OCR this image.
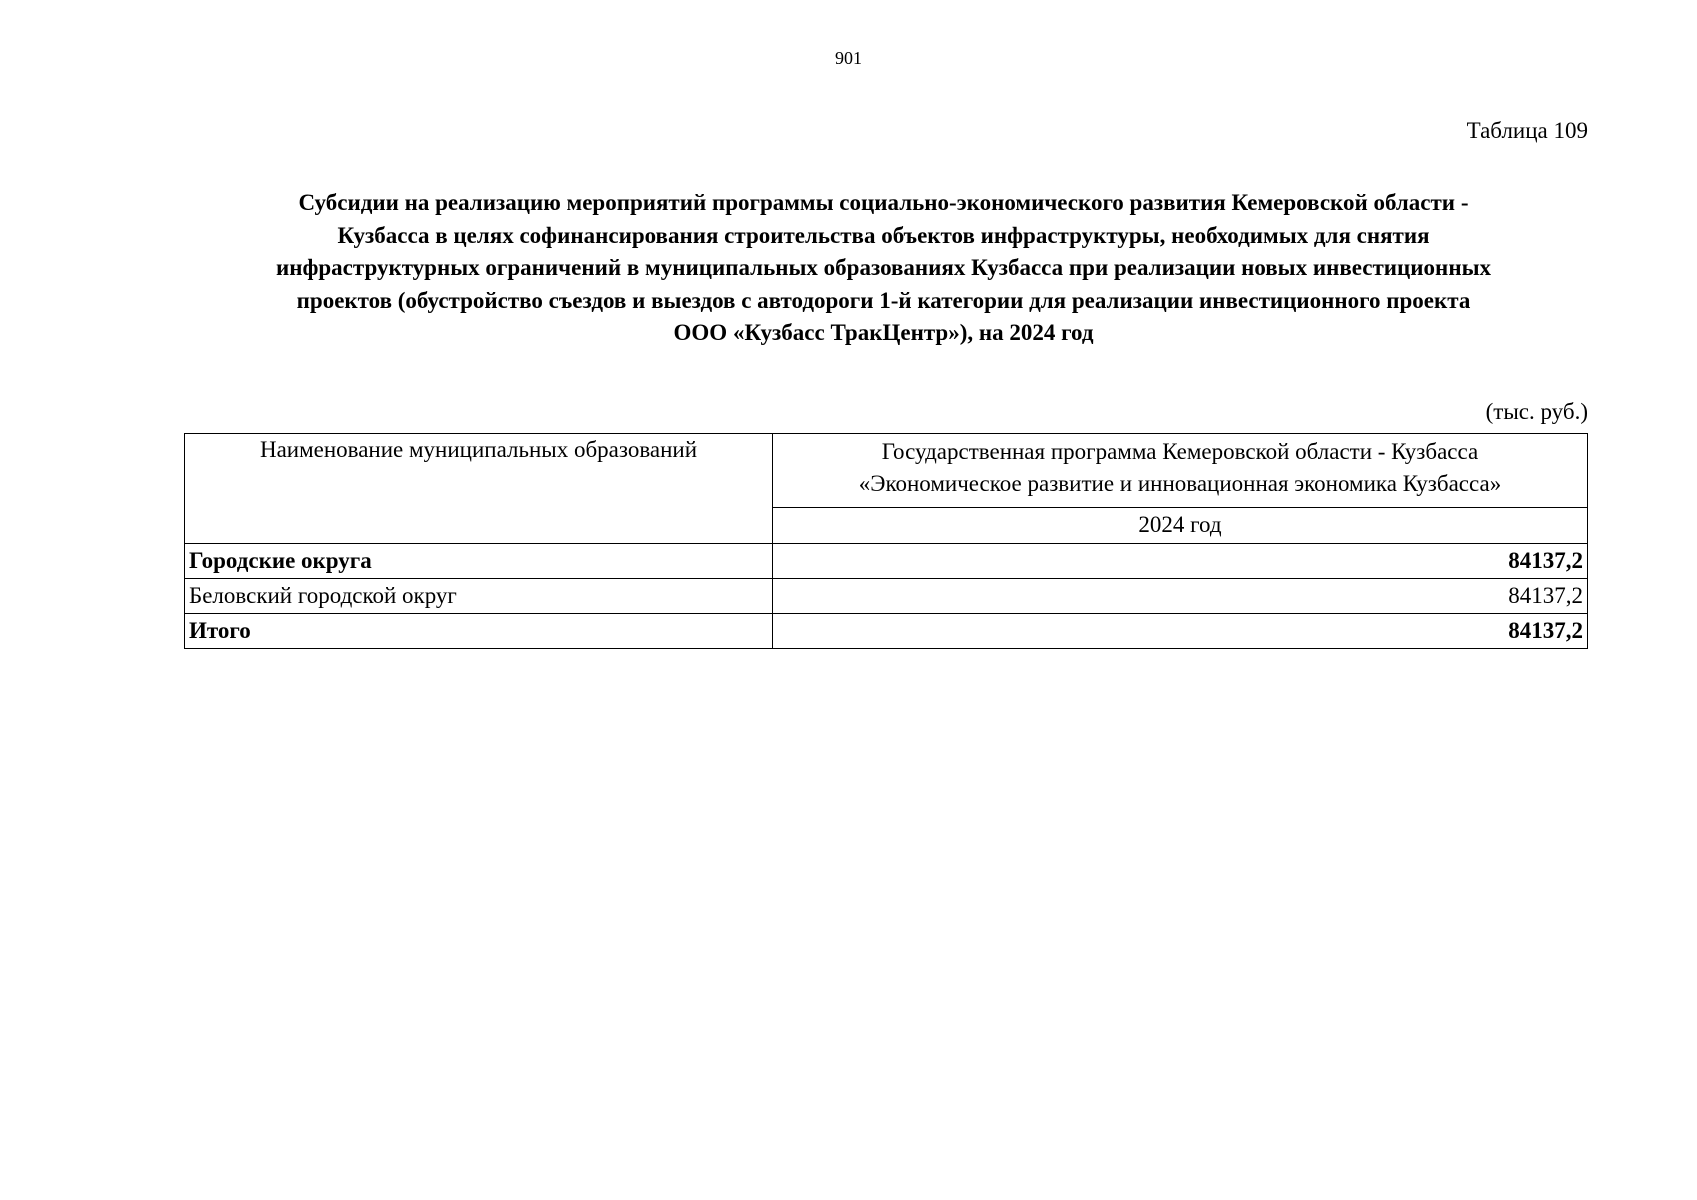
901
Таблица 109
Субсидии на реализацию мероприятий программы социально-экономического развития Кемеровской области -
Кузбасса в целях софинансирования строительства объектов инфраструктуры, необходимых для снятия
инфраструктурных ограничений в муниципальных образованиях Кузбасса при реализации новых инвестиционных
проектов (обустройство съездов и выездов с автодороги 1-й категории для реализации инвестиционного проекта
ООО «Кузбасс ТракЦентр»), на 2024 год
(тыс. руб.)
Наименование муниципальных образований	Государственная программа Кемеровской области - Кузбасса
«Экономическое развитие и инновационная экономика Кузбасса»

	2024 год
Городские округа	84137,2
Беловский городской округ	84137,2
Итого	84137,2
